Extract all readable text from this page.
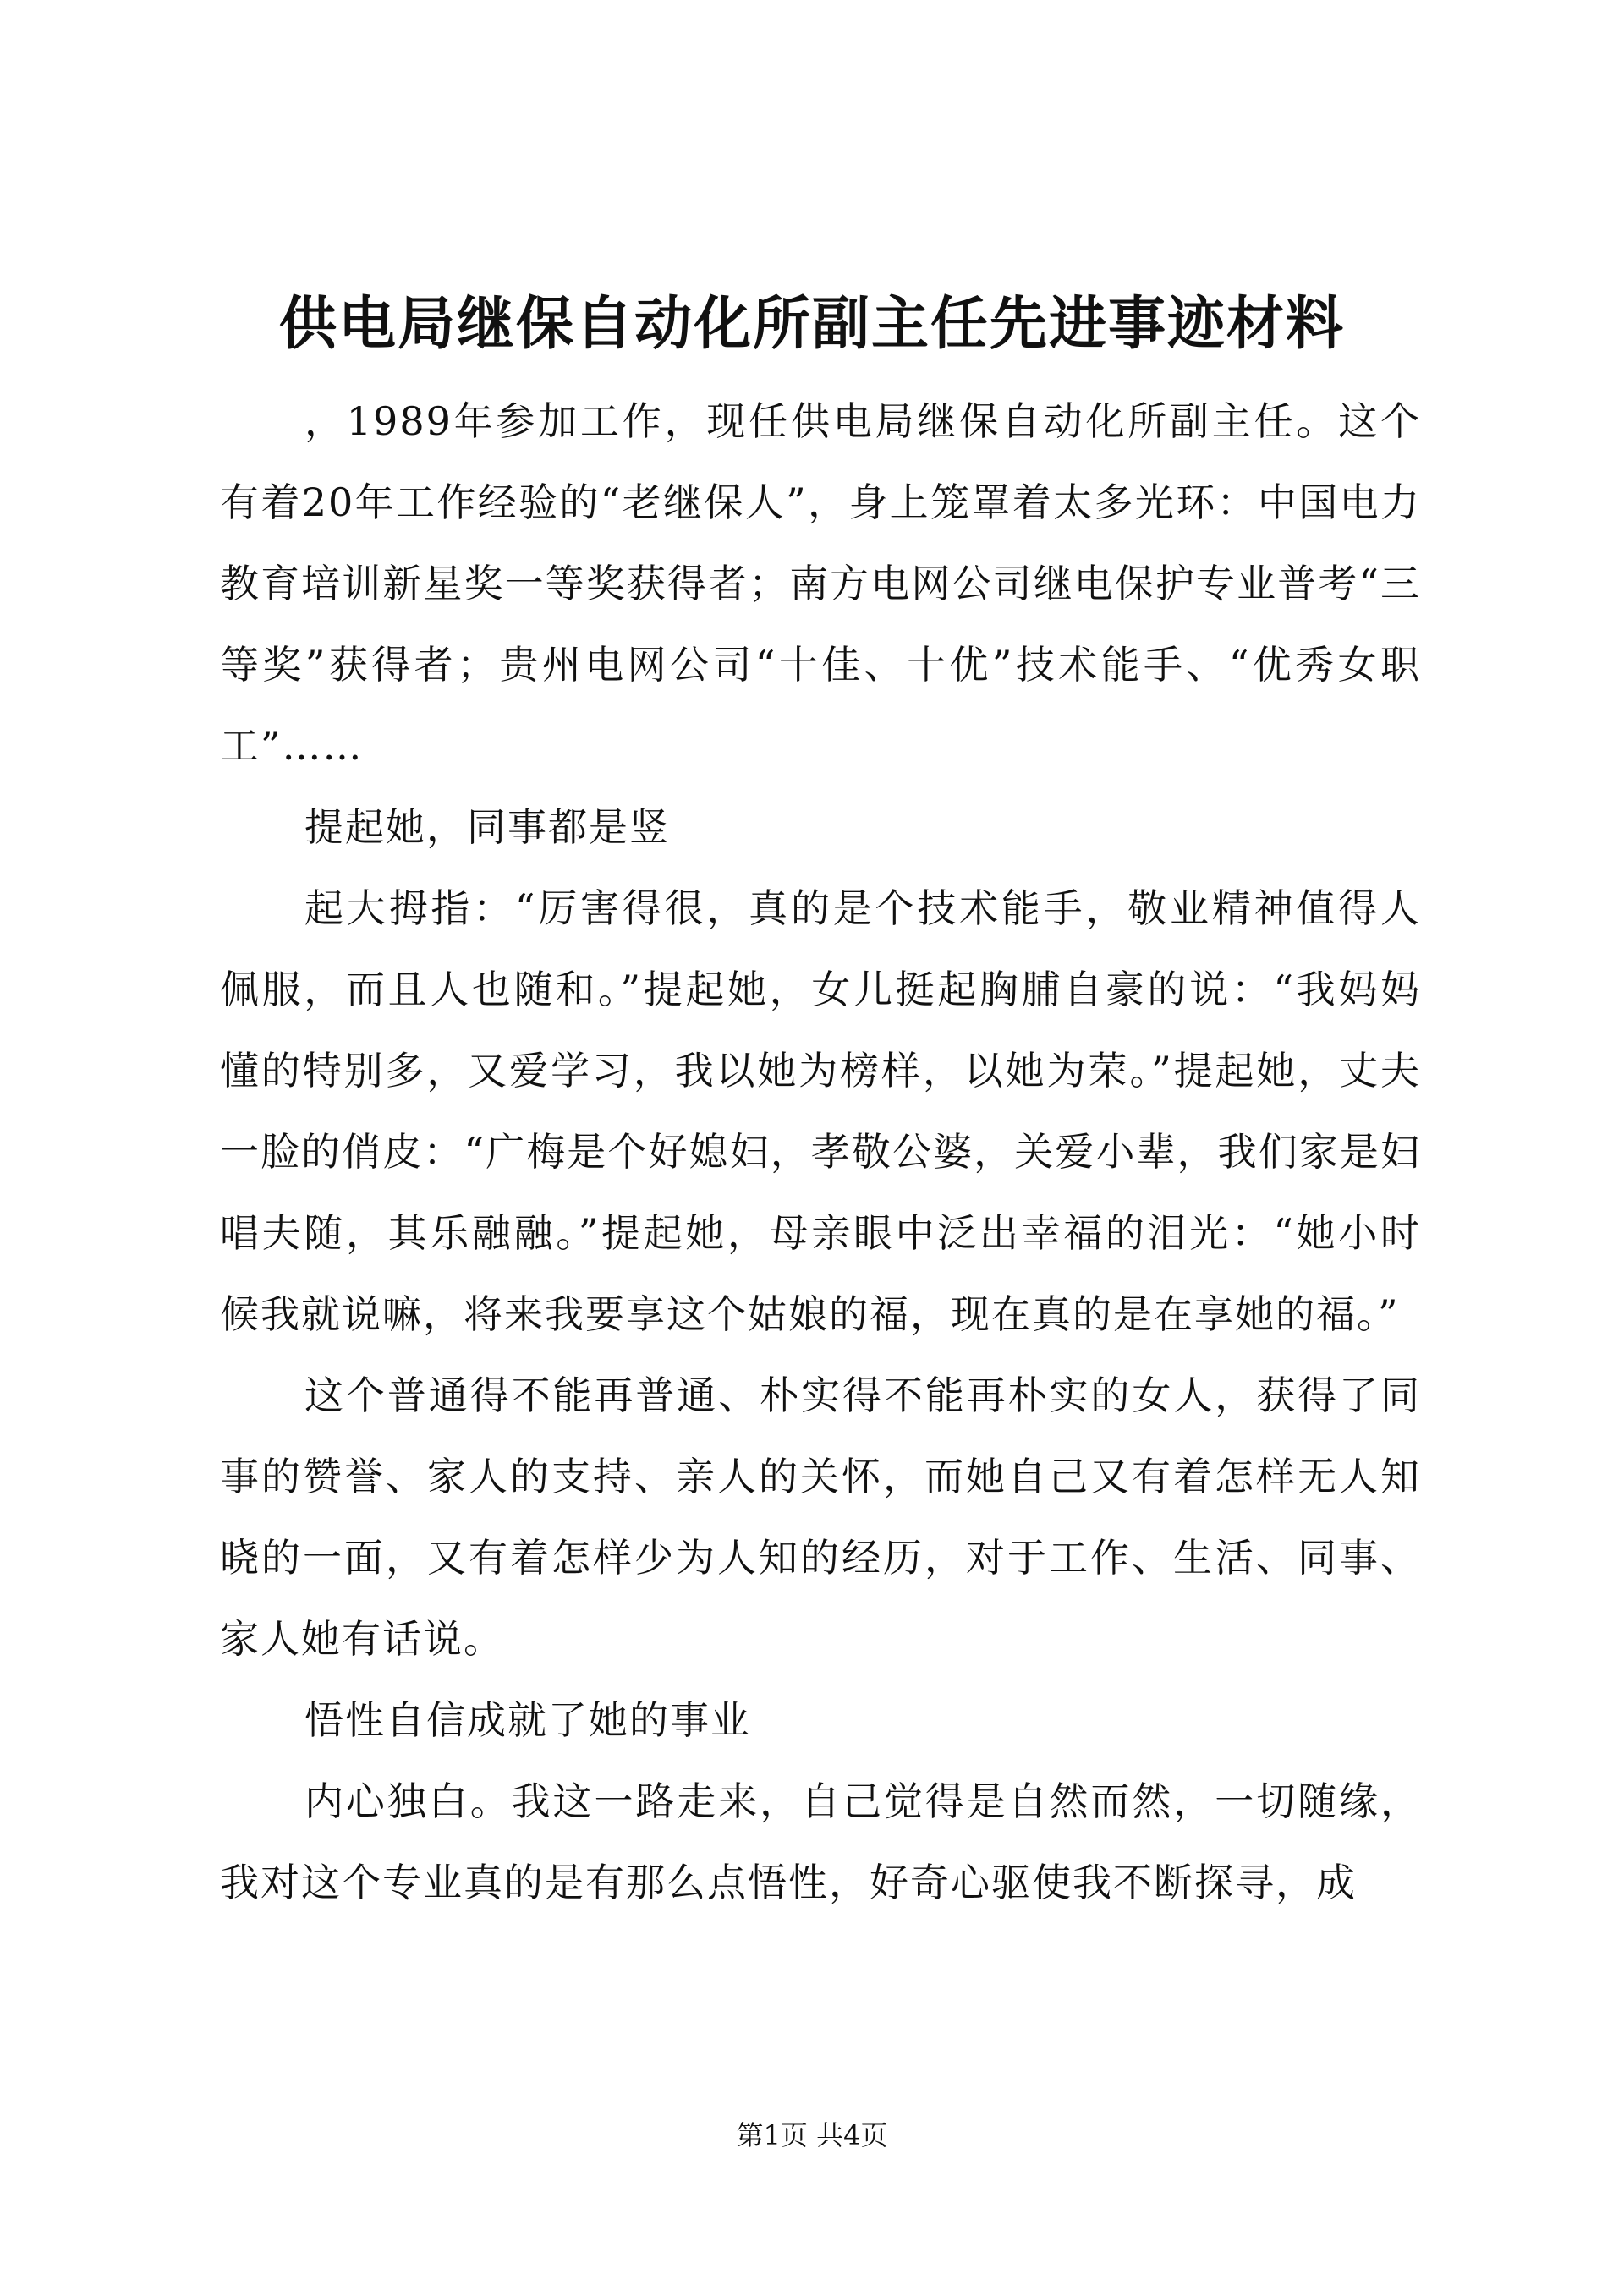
供电局继保自动化所副主任先进事迹材料

，1989年参加工作，现任供电局继保自动化所副主任。这个有着20年工作经验的“老继保人”，身上笼罩着太多光环：中国电力教育培训新星奖一等奖获得者；南方电网公司继电保护专业普考“三等奖”获得者；贵州电网公司“十佳、十优”技术能手、“优秀女职工”……

提起她，同事都是竖

起大拇指：“厉害得很，真的是个技术能手，敬业精神值得人佩服，而且人也随和。”提起她，女儿挺起胸脯自豪的说：“我妈妈懂的特别多，又爱学习，我以她为榜样，以她为荣。”提起她，丈夫一脸的俏皮：“广梅是个好媳妇，孝敬公婆，关爱小辈，我们家是妇唱夫随，其乐融融。”提起她，母亲眼中泛出幸福的泪光：“她小时候我就说嘛，将来我要享这个姑娘的福，现在真的是在享她的福。”

这个普通得不能再普通、朴实得不能再朴实的女人，获得了同事的赞誉、家人的支持、亲人的关怀，而她自己又有着怎样无人知晓的一面，又有着怎样少为人知的经历，对于工作、生活、同事、家人她有话说。

悟性自信成就了她的事业

内心独白。我这一路走来，自己觉得是自然而然，一切随缘，我对这个专业真的是有那么点悟性，好奇心驱使我不断探寻，成

第1页 共4页
